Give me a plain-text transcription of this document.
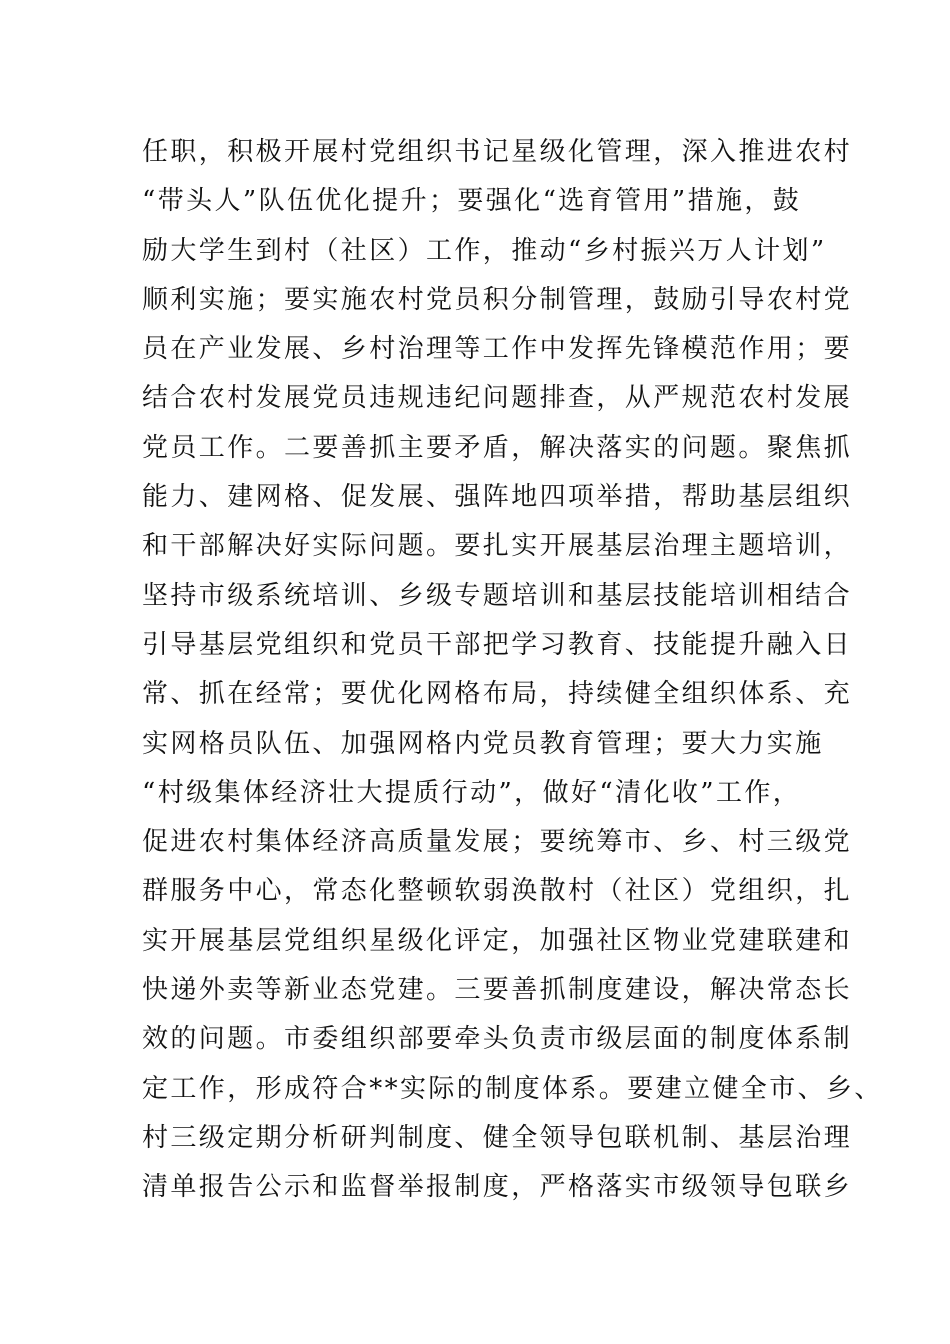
任职，积极开展村党组织书记星级化管理，深入推进农村
“带头人”队伍优化提升；要强化“选育管用”措施，鼓
励大学生到村（社区）工作，推动“乡村振兴万人计划”
顺利实施；要实施农村党员积分制管理，鼓励引导农村党
员在产业发展、乡村治理等工作中发挥先锋模范作用；要
结合农村发展党员违规违纪问题排查，从严规范农村发展
党员工作。二要善抓主要矛盾，解决落实的问题。聚焦抓
能力、建网格、促发展、强阵地四项举措，帮助基层组织
和干部解决好实际问题。要扎实开展基层治理主题培训，
坚持市级系统培训、乡级专题培训和基层技能培训相结合
引导基层党组织和党员干部把学习教育、技能提升融入日
常、抓在经常；要优化网格布局，持续健全组织体系、充
实网格员队伍、加强网格内党员教育管理；要大力实施
“村级集体经济壮大提质行动”，做好“清化收”工作，
促进农村集体经济高质量发展；要统筹市、乡、村三级党
群服务中心，常态化整顿软弱涣散村（社区）党组织，扎
实开展基层党组织星级化评定，加强社区物业党建联建和
快递外卖等新业态党建。三要善抓制度建设，解决常态长
效的问题。市委组织部要牵头负责市级层面的制度体系制
定工作，形成符合**实际的制度体系。要建立健全市、乡、
村三级定期分析研判制度、健全领导包联机制、基层治理
清单报告公示和监督举报制度，严格落实市级领导包联乡
